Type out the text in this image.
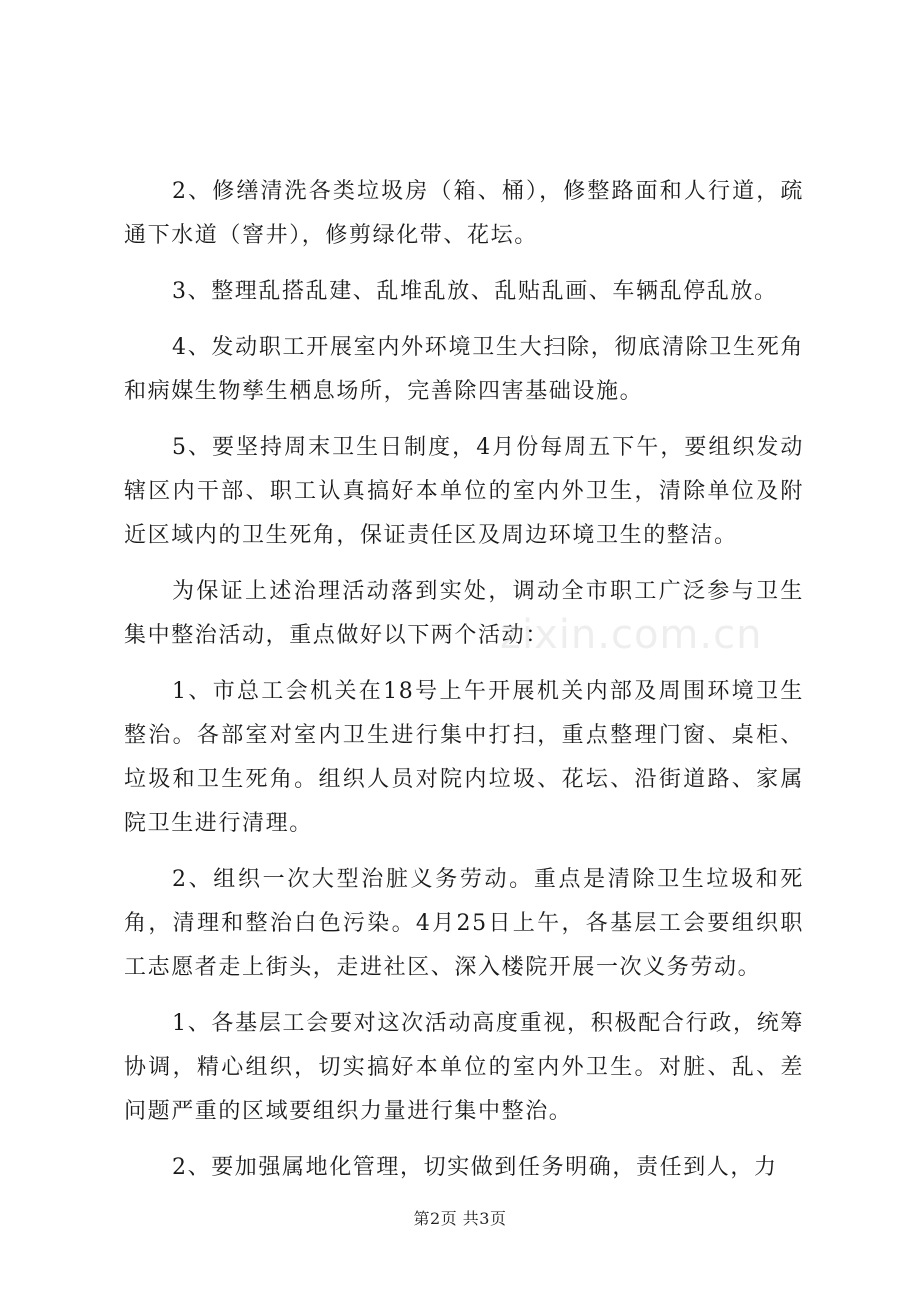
2、修缮清洗各类垃圾房（箱、桶），修整路面和人行道，疏通下水道（窨井），修剪绿化带、花坛。

3、整理乱搭乱建、乱堆乱放、乱贴乱画、车辆乱停乱放。

4、发动职工开展室内外环境卫生大扫除，彻底清除卫生死角和病媒生物孳生栖息场所，完善除四害基础设施。

5、要坚持周末卫生日制度，4月份每周五下午，要组织发动辖区内干部、职工认真搞好本单位的室内外卫生，清除单位及附近区域内的卫生死角，保证责任区及周边环境卫生的整洁。

为保证上述治理活动落到实处，调动全市职工广泛参与卫生集中整治活动，重点做好以下两个活动：

1、市总工会机关在18号上午开展机关内部及周围环境卫生整治。各部室对室内卫生进行集中打扫，重点整理门窗、桌柜、垃圾和卫生死角。组织人员对院内垃圾、花坛、沿街道路、家属院卫生进行清理。

2、组织一次大型治脏义务劳动。重点是清除卫生垃圾和死角，清理和整治白色污染。4月25日上午，各基层工会要组织职工志愿者走上街头，走进社区、深入楼院开展一次义务劳动。

1、各基层工会要对这次活动高度重视，积极配合行政，统筹协调，精心组织，切实搞好本单位的室内外卫生。对脏、乱、差问题严重的区域要组织力量进行集中整治。

2、要加强属地化管理，切实做到任务明确，责任到人，力

zixin.com.cn
第2页 共3页
